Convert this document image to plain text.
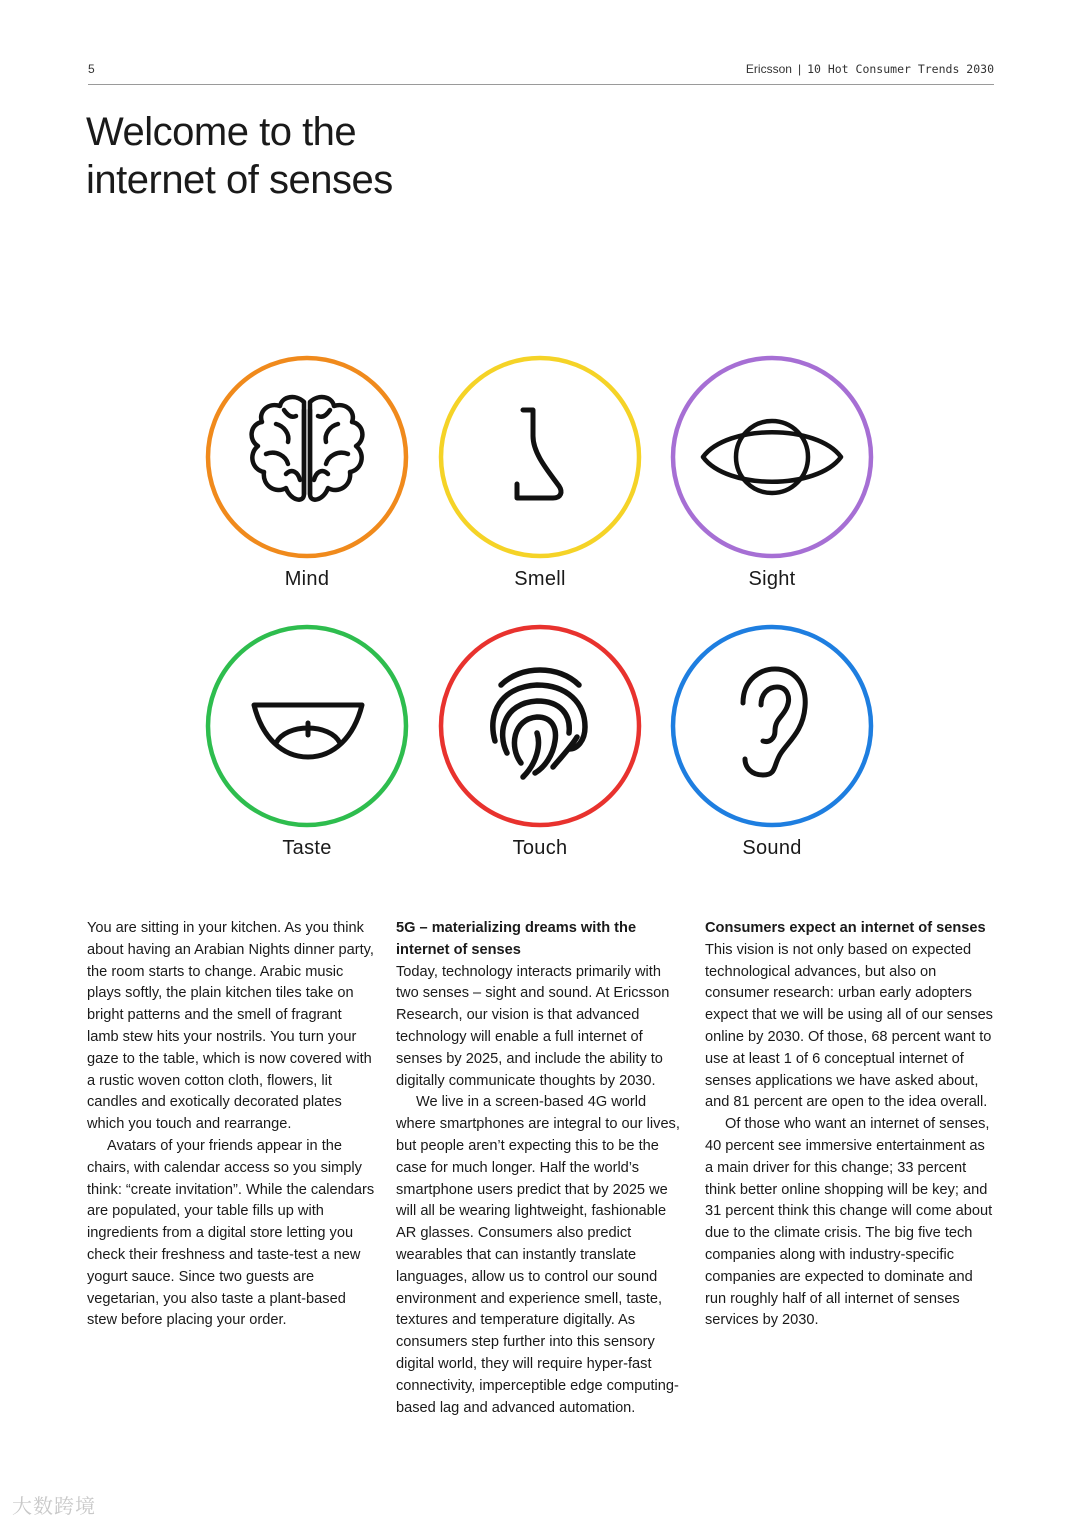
5	Ericsson | 10 Hot Consumer Trends 2030
Welcome to the
internet of senses
Mind	Smell	Sight
Taste	Touch	Sound

You are sitting in your kitchen. As you think about having an Arabian Nights dinner party, the room starts to change. Arabic music plays softly, the plain kitchen tiles take on bright patterns and the smell of fragrant lamb stew hits your nostrils. You turn your gaze to the table, which is now covered with a rustic woven cotton cloth, flowers, lit candles and exotically decorated plates which you touch and rearrange.

Avatars of your friends appear in the chairs, with calendar access so you simply think: “create invitation”. While the calendars are populated, your table fills up with ingredients from a digital store letting you check their freshness and taste-test a new yogurt sauce. Since two guests are vegetarian, you also taste a plant-based stew before placing your order.

5G – materializing dreams with the internet of senses

Today, technology interacts primarily with two senses – sight and sound. At Ericsson Research, our vision is that advanced technology will enable a full internet of senses by 2025, and include the ability to digitally communicate thoughts by 2030.

We live in a screen-based 4G world where smartphones are integral to our lives, but people aren’t expecting this to be the case for much longer. Half the world’s smartphone users predict that by 2025 we will all be wearing lightweight, fashionable AR glasses. Consumers also predict wearables that can instantly translate languages, allow us to control our sound environment and experience smell, taste, textures and temperature digitally. As consumers step further into this sensory digital world, they will require hyper-fast connectivity, imperceptible edge computing-based lag and advanced automation.

Consumers expect an internet of senses

This vision is not only based on expected technological advances, but also on consumer research: urban early adopters expect that we will be using all of our senses online by 2030. Of those, 68 percent want to use at least 1 of 6 conceptual internet of senses applications we have asked about, and 81 percent are open to the idea overall.

Of those who want an internet of senses, 40 percent see immersive entertainment as a main driver for this change; 33 percent think better online shopping will be key; and 31 percent think this change will come about due to the climate crisis. The big five tech companies along with industry-specific companies are expected to dominate and run roughly half of all internet of senses services by 2030.

大数跨境
